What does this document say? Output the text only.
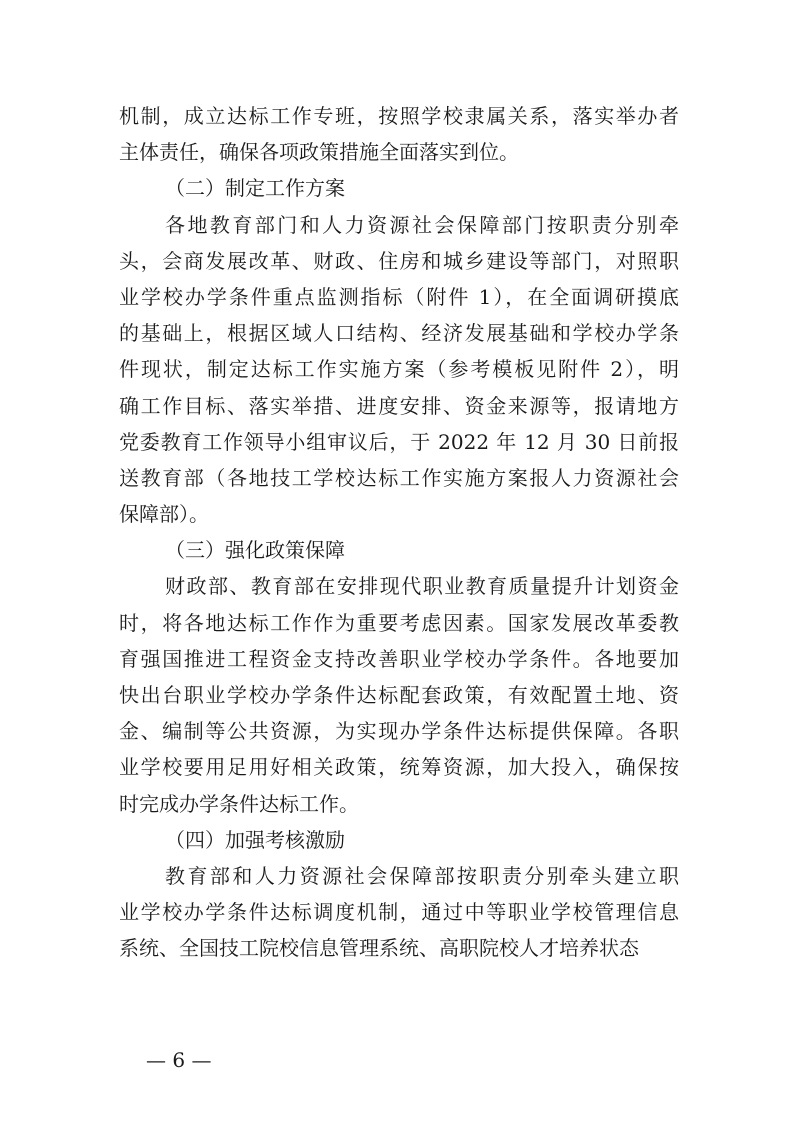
机制，成立达标工作专班，按照学校隶属关系，落实举办者
主体责任，确保各项政策措施全面落实到位。
（二）制定工作方案
各地教育部门和人力资源社会保障部门按职责分别牵
头，会商发展改革、财政、住房和城乡建设等部门，对照职
业学校办学条件重点监测指标（附件 1），在全面调研摸底
的基础上，根据区域人口结构、经济发展基础和学校办学条
件现状，制定达标工作实施方案（参考模板见附件 2），明
确工作目标、落实举措、进度安排、资金来源等，报请地方
党委教育工作领导小组审议后，于 2022 年 12 月 30 日前报
送教育部（各地技工学校达标工作实施方案报人力资源社会
保障部）。
（三）强化政策保障
财政部、教育部在安排现代职业教育质量提升计划资金
时，将各地达标工作作为重要考虑因素。国家发展改革委教
育强国推进工程资金支持改善职业学校办学条件。各地要加
快出台职业学校办学条件达标配套政策，有效配置土地、资
金、编制等公共资源，为实现办学条件达标提供保障。各职
业学校要用足用好相关政策，统筹资源，加大投入，确保按
时完成办学条件达标工作。
（四）加强考核激励
教育部和人力资源社会保障部按职责分别牵头建立职
业学校办学条件达标调度机制，通过中等职业学校管理信息
系统、全国技工院校信息管理系统、高职院校人才培养状态
— 6 —
